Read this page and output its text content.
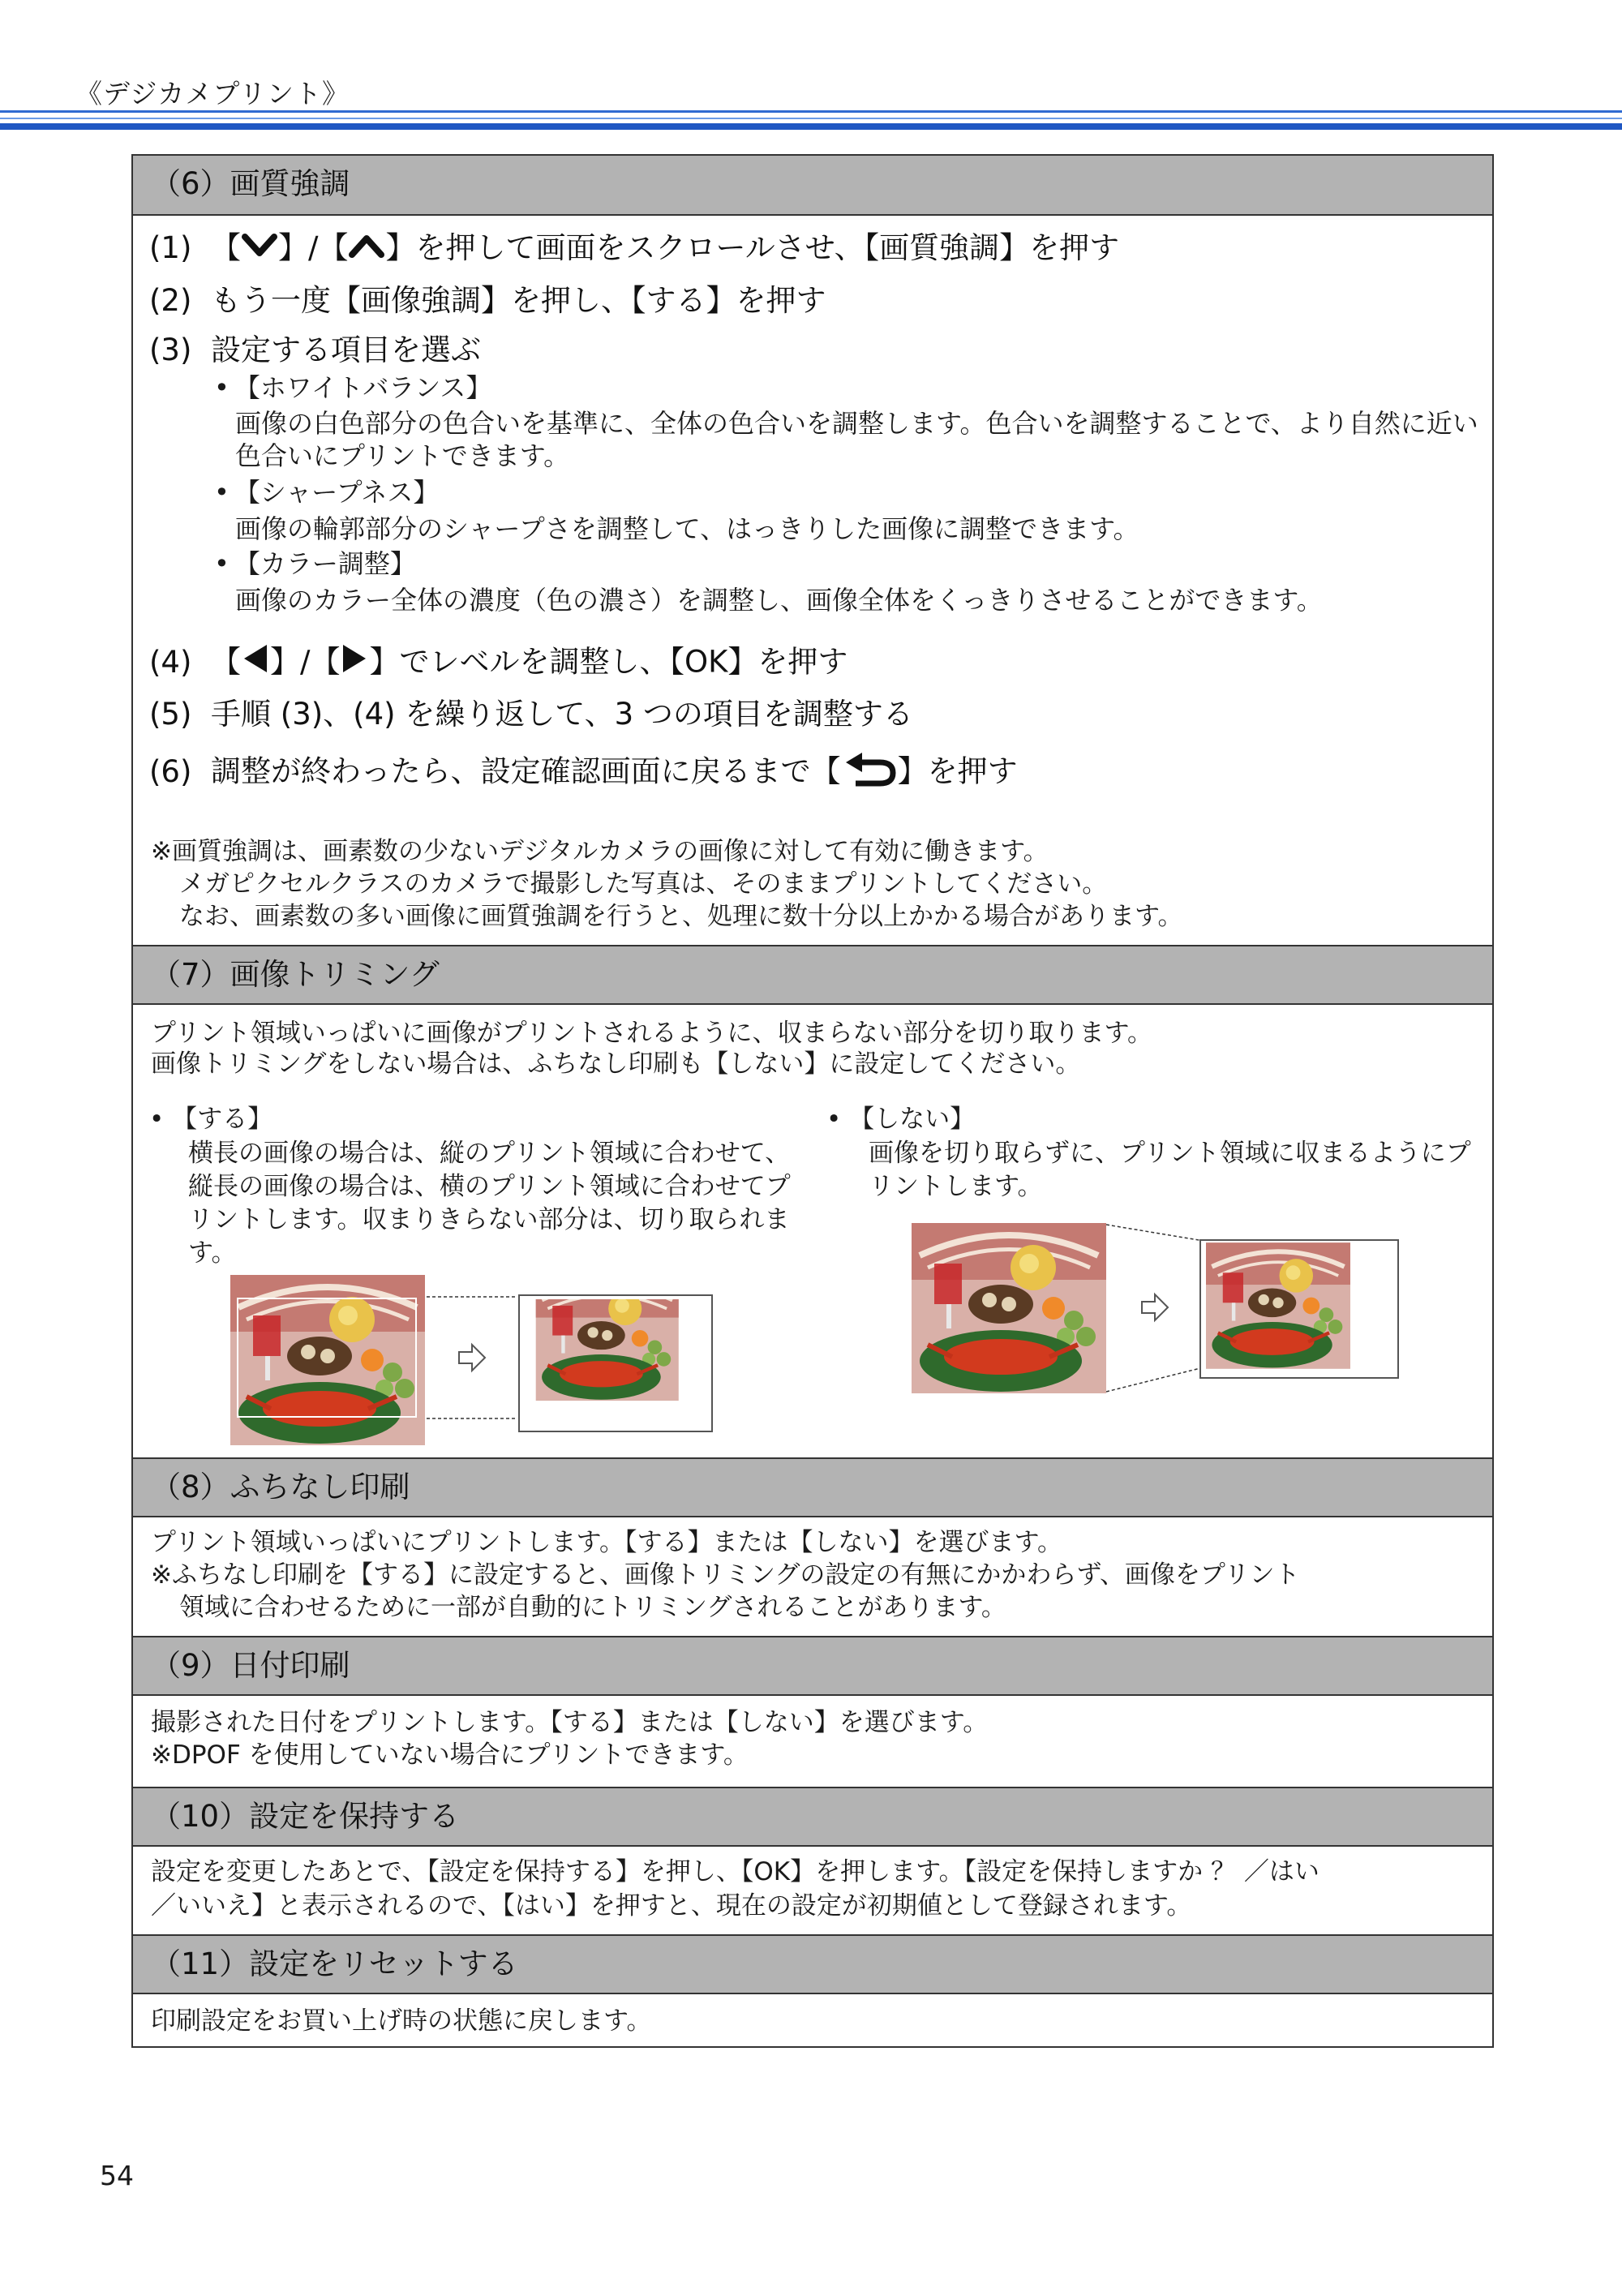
《デジカメプリント》
（6）画質強調
(1) 【 】/【 】を押して画面をスクロールさせ、【画質強調】を押す
(2) もう一度【画像強調】を押し、【する】を押す
(3) 設定する項目を選ぶ
• 【ホワイトバランス】
画像の白色部分の色合いを基準に、全体の色合いを調整します。色合いを調整することで、より自然に近い色合いにプリントできます。
• 【シャープネス】
画像の輪郭部分のシャープさを調整して、はっきりした画像に調整できます。
• 【カラー調整】
画像のカラー全体の濃度（色の濃さ）を調整し、画像全体をくっきりさせることができます。
(4) 【 】/【 】でレベルを調整し、【OK】を押す
(5) 手順 (3)、(4) を繰り返して、3 つの項目を調整する
(6) 調整が終わったら、設定確認画面に戻るまで【 】を押す
※画質強調は、画素数の少ないデジタルカメラの画像に対して有効に働きます。
メガピクセルクラスのカメラで撮影した写真は、そのままプリントしてください。
なお、画素数の多い画像に画質強調を行うと、処理に数十分以上かかる場合があります。
（7）画像トリミング
プリント領域いっぱいに画像がプリントされるように、収まらない部分を切り取ります。
画像トリミングをしない場合は、ふちなし印刷も【しない】に設定してください。
• 【する】
横長の画像の場合は、縦のプリント領域に合わせて、縦長の画像の場合は、横のプリント領域に合わせてプリントします。収まりきらない部分は、切り取られます。
• 【しない】
画像を切り取らずに、プリント領域に収まるようにプリントします。
（8）ふちなし印刷
プリント領域いっぱいにプリントします。【する】または【しない】を選びます。
※ふちなし印刷を【する】に設定すると、画像トリミングの設定の有無にかかわらず、画像をプリント
領域に合わせるために一部が自動的にトリミングされることがあります。
（9）日付印刷
撮影された日付をプリントします。【する】または【しない】を選びます。
※DPOF を使用していない場合にプリントできます。
（10）設定を保持する
設定を変更したあとで、【設定を保持する】を押し、【OK】を押します。【設定を保持しますか ？ ／はい
／いいえ】と表示されるので、【はい】を押すと、現在の設定が初期値として登録されます。
（11）設定をリセットする
印刷設定をお買い上げ時の状態に戻します。
54
